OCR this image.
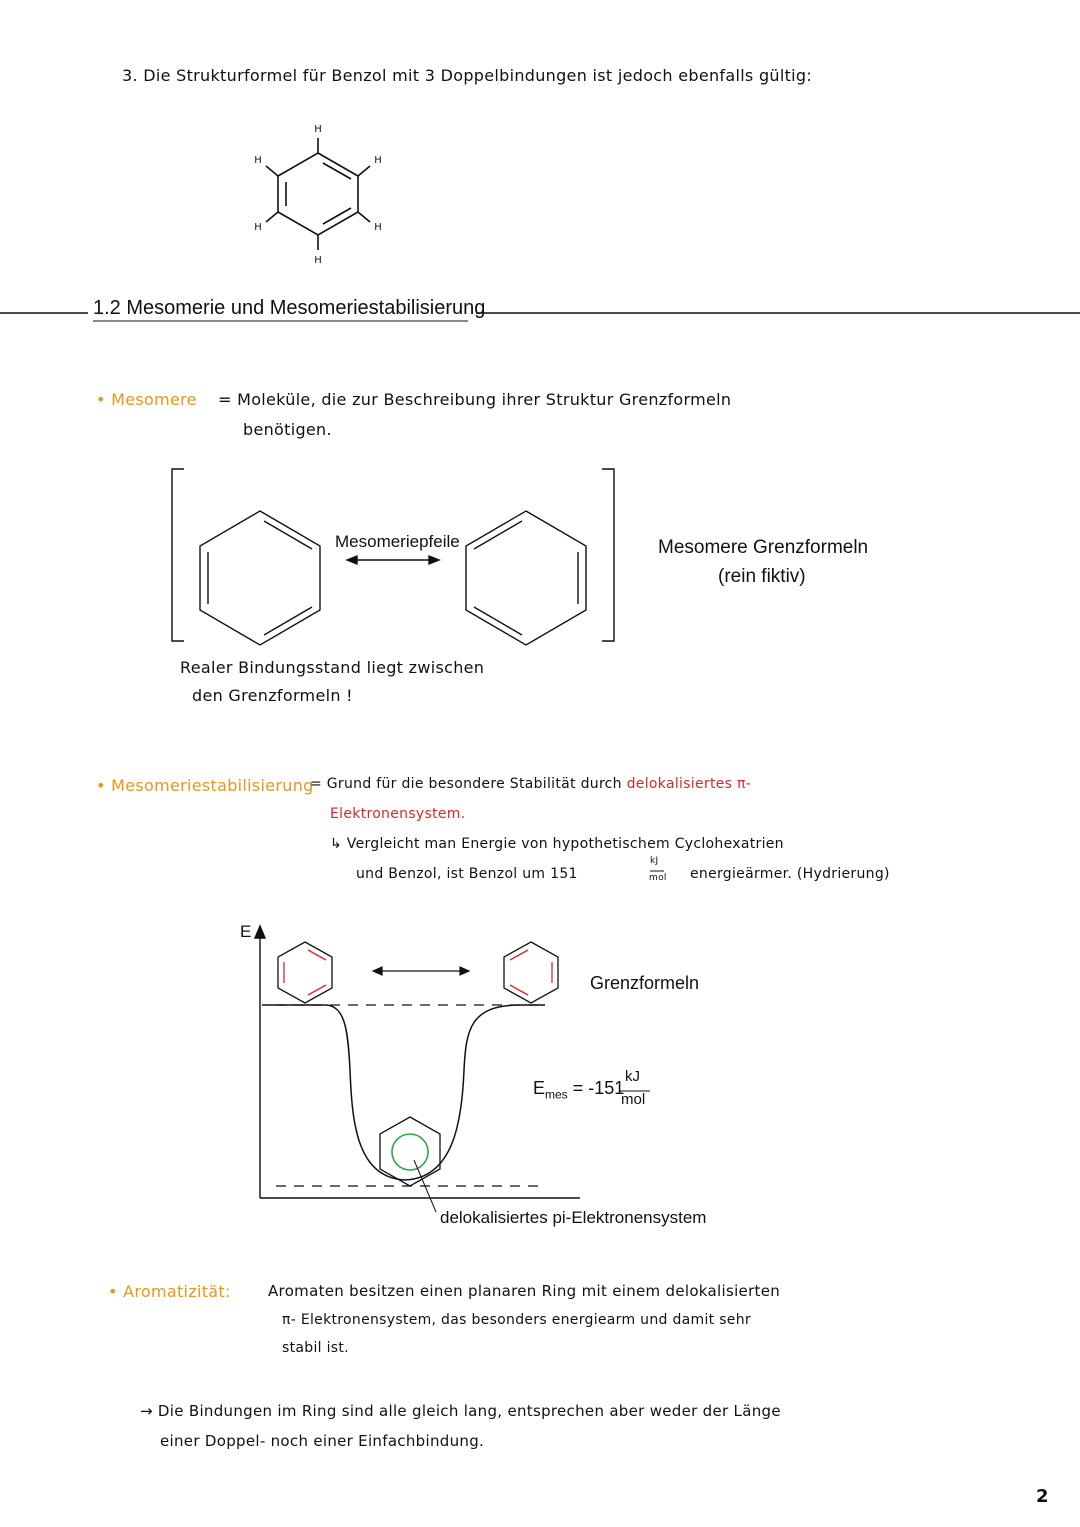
3. Die Strukturformel für Benzol mit 3 Doppelbindungen ist jedoch ebenfalls gültig:
H
H
H
H
H
H
1.2 Mesomerie und Mesomeriestabilisierung
• Mesomere = Moleküle, die zur Beschreibung ihrer Struktur Grenzformeln
benötigen.
Mesomeriepfeile	Mesomere Grenzformeln
(rein fiktiv)
Realer Bindungsstand liegt zwischen
den Grenzformeln !
• Mesomeriestabilisierung
= Grund für die besondere Stabilität durch delokalisiertes π-
Elektronensystem.
↳ Vergleicht man Energie von hypothetischem Cyclohexatrien
und Benzol, ist Benzol um 151
kJ
mol energieärmer. (Hydrierung)
E
Grenzformeln
$E_{mes} = -151$
kJ
mol
delokalisiertes pi-Elektronensystem
• Aromatizität: Aromaten besitzen einen planaren Ring mit einem delokalisierten
π- Elektronensystem, das besonders energiearm und damit sehr
stabil ist.
→ Die Bindungen im Ring sind alle gleich lang, entsprechen aber weder der Länge
einer Doppel- noch einer Einfachbindung.
2
